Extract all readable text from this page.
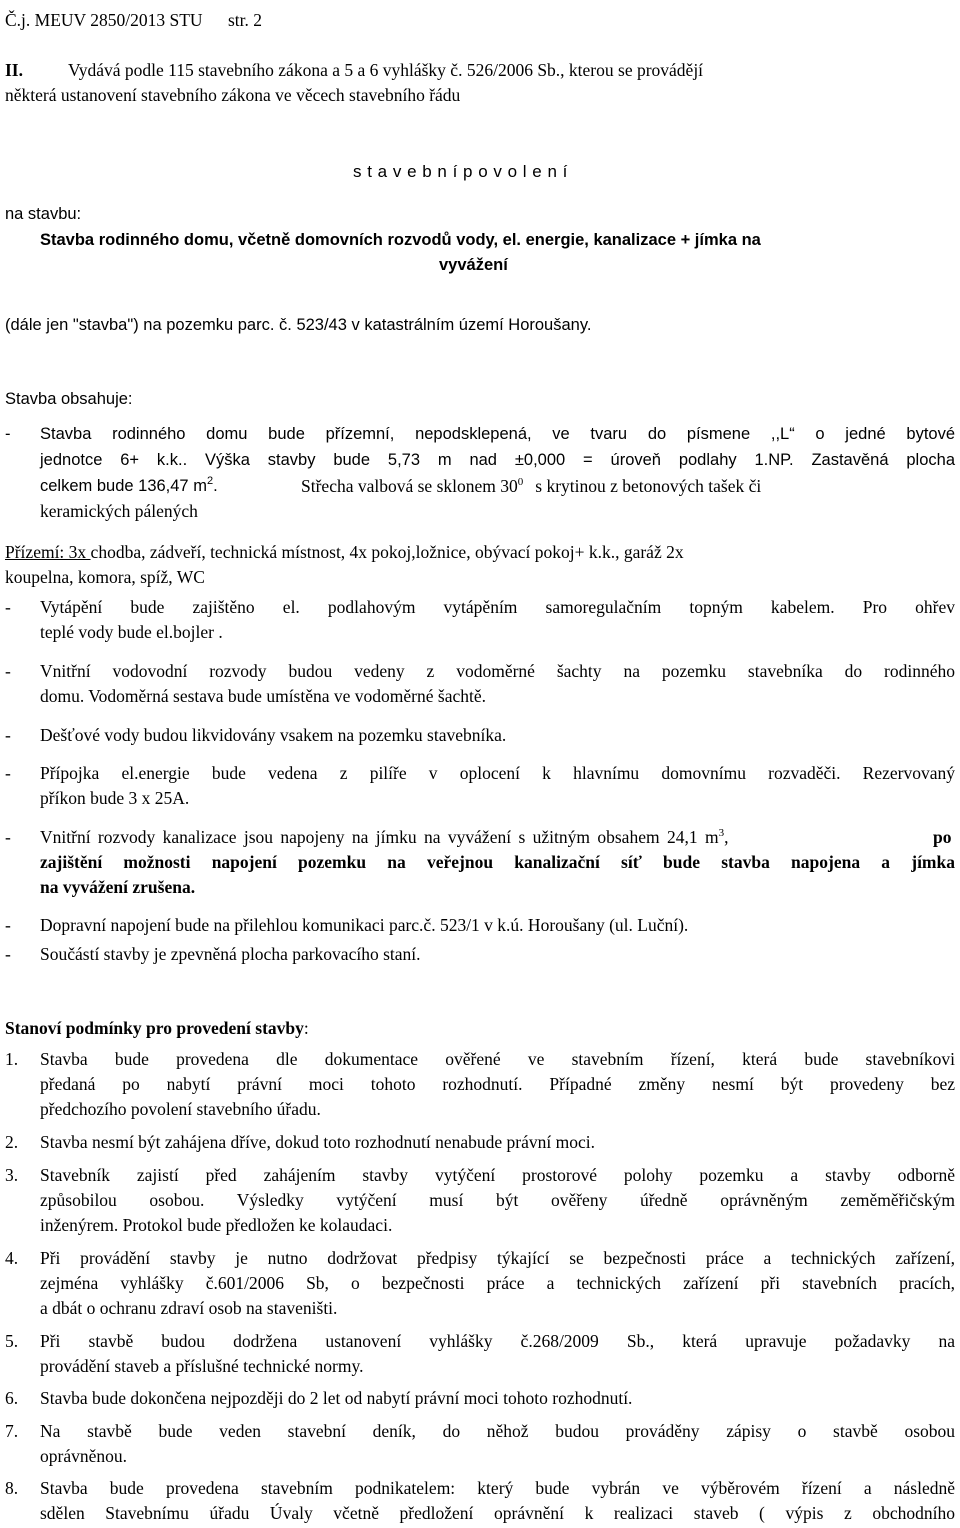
Č.j. MEUV 2850/2013 STU	str. 2
II.	Vydává podle 115 stavebního zákona a 5 a 6 vyhlášky č. 526/2006 Sb., kterou se provádějí
některá ustanovení stavebního zákona ve věcech stavebního řádu
s t a v e b n í p o v o l e n í
na stavbu:
Stavba rodinného domu, včetně domovních rozvodů vody, el. energie, kanalizace + jímka na
vyvážení
(dále jen "stavba") na pozemku parc. č. 523/43 v katastrálním území Horoušany.
Stavba obsahuje:
-	Stavba rodinného domu bude přízemní, nepodsklepená, ve tvaru do písmene ,,L“ o jedné bytové
jednotce 6+ k.k.. Výška stavby bude 5,73 m nad ±0,000 = úroveň podlahy 1.NP. Zastavěná plocha
celkem bude 136,47 $m^2$.	Střecha valbová se sklonem $30^0$ s krytinou z betonových tašek či
keramických pálených
Přízemí: 3x chodba, zádveří, technická místnost, 4x pokoj,ložnice, obývací pokoj+ k.k., garáž 2x
koupelna, komora, spíž, WC
-	Vytápění bude zajištěno el. podlahovým vytápěním samoregulačním topným kabelem. Pro ohřev
teplé vody bude el.bojler .
-	Vnitřní vodovodní rozvody budou vedeny z vodoměrné šachty na pozemku stavebníka do rodinného
domu. Vodoměrná sestava bude umístěna ve vodoměrné šachtě.
-	Dešťové vody budou likvidovány vsakem na pozemku stavebníka.
-	Přípojka el.energie bude vedena z pilíře v oplocení k hlavnímu domovnímu rozvaděči. Rezervovaný
příkon bude 3 x 25A.
-	Vnitřní rozvody kanalizace jsou napojeny na jímku na vyvážení s užitným obsahem 24,1 $m^3$,	po
zajištění možnosti napojení pozemku na veřejnou kanalizační síť bude stavba napojena a jímka
na vyvážení zrušena.
-	Dopravní napojení bude na přilehlou komunikaci parc.č. 523/1 v k.ú. Horoušany (ul. Luční).
-	Součástí stavby je zpevněná plocha parkovacího staní.
Stanoví podmínky pro provedení stavby:
1.	Stavba bude provedena dle dokumentace ověřené ve stavebním řízení, která bude stavebníkovi
předaná po nabytí právní moci tohoto rozhodnutí. Případné změny nesmí být provedeny bez
předchozího povolení stavebního úřadu.
2.	Stavba nesmí být zahájena dříve, dokud toto rozhodnutí nenabude právní moci.
3.	Stavebník zajistí před zahájením stavby vytýčení prostorové polohy pozemku a stavby odborně
způsobilou osobou. Výsledky vytýčení musí být ověřeny úředně oprávněným zeměměřičským
inženýrem. Protokol bude předložen ke kolaudaci.
4.	Při provádění stavby je nutno dodržovat předpisy týkající se bezpečnosti práce a technických zařízení,
zejména vyhlášky č.601/2006 Sb, o bezpečnosti práce a technických zařízení při stavebních pracích,
a dbát o ochranu zdraví osob na staveništi.
5.	Při stavbě budou dodržena ustanovení vyhlášky č.268/2009 Sb., která upravuje požadavky na
provádění staveb a příslušné technické normy.
6.	Stavba bude dokončena nejpozději do 2 let od nabytí právní moci tohoto rozhodnutí.
7.	Na stavbě bude veden stavební deník, do něhož budou prováděny zápisy o stavbě osobou
oprávněnou.
8.	Stavba bude provedena stavebním podnikatelem: který bude vybrán ve výběrovém řízení a následně
sdělen Stavebnímu úřadu Úvaly včetně předložení oprávnění k realizaci staveb ( výpis z obchodního
